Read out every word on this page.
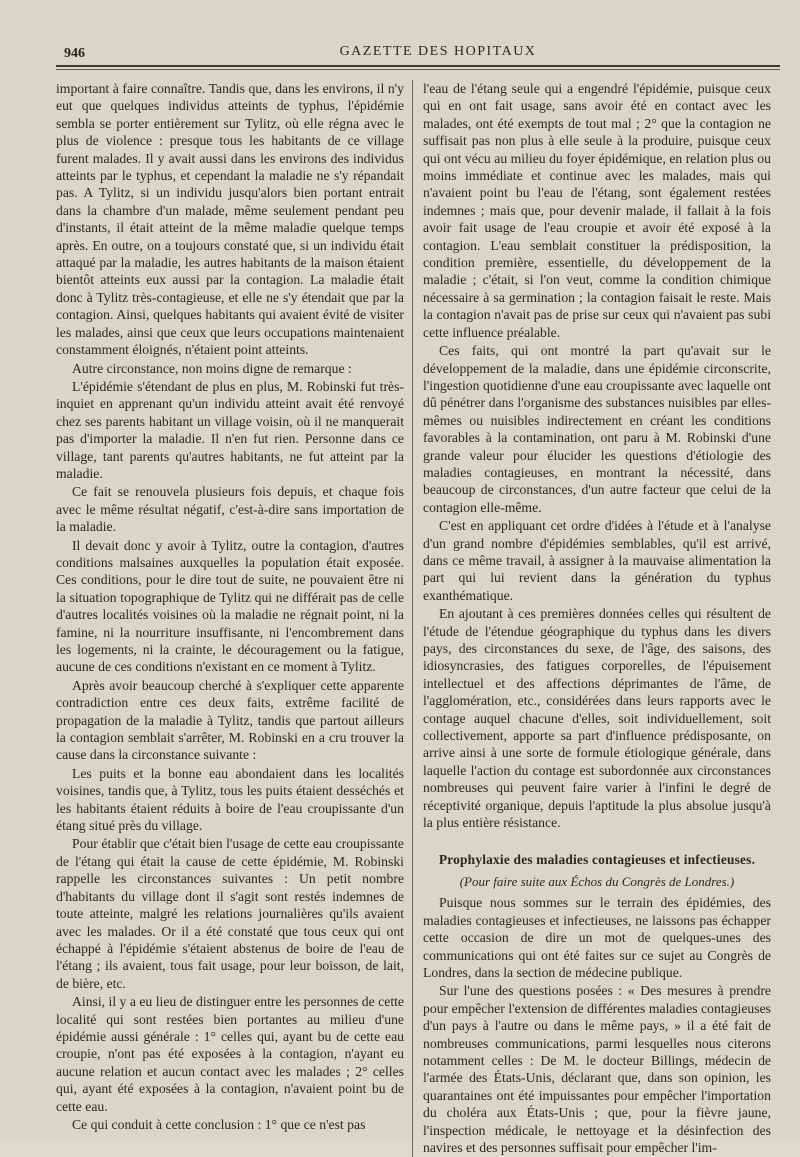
946	GAZETTE DES HOPITAUX

important à faire connaître. Tandis que, dans les environs, il n'y eut que quelques individus atteints de typhus, l'épidémie sembla se porter entièrement sur Tylitz, où elle régna avec le plus de violence : presque tous les habitants de ce village furent malades. Il y avait aussi dans les environs des individus atteints par le typhus, et cependant la maladie ne s'y répandait pas. A Tylitz, si un individu jusqu'alors bien portant entrait dans la chambre d'un malade, même seulement pendant peu d'instants, il était atteint de la même maladie quelque temps après. En outre, on a toujours constaté que, si un individu était attaqué par la maladie, les autres habitants de la maison étaient bientôt atteints eux aussi par la contagion. La maladie était donc à Tylitz très-contagieuse, et elle ne s'y étendait que par la contagion. Ainsi, quelques habitants qui avaient évité de visiter les malades, ainsi que ceux que leurs occupations maintenaient constamment éloignés, n'étaient point atteints.

Autre circonstance, non moins digne de remarque :

L'épidémie s'étendant de plus en plus, M. Robinski fut très-inquiet en apprenant qu'un individu atteint avait été renvoyé chez ses parents habitant un village voisin, où il ne manquerait pas d'importer la maladie. Il n'en fut rien. Personne dans ce village, tant parents qu'autres habitants, ne fut atteint par la maladie.

Ce fait se renouvela plusieurs fois depuis, et chaque fois avec le même résultat négatif, c'est-à-dire sans importation de la maladie.

Il devait donc y avoir à Tylitz, outre la contagion, d'autres conditions malsaines auxquelles la population était exposée. Ces conditions, pour le dire tout de suite, ne pouvaient être ni la situation topographique de Tylitz qui ne différait pas de celle d'autres localités voisines où la maladie ne régnait point, ni la famine, ni la nourriture insuffisante, ni l'encombrement dans les logements, ni la crainte, le découragement ou la fatigue, aucune de ces conditions n'existant en ce moment à Tylitz.

Après avoir beaucoup cherché à s'expliquer cette apparente contradiction entre ces deux faits, extrême facilité de propagation de la maladie à Tylitz, tandis que partout ailleurs la contagion semblait s'arrêter, M. Robinski en a cru trouver la cause dans la circonstance suivante :

Les puits et la bonne eau abondaient dans les localités voisines, tandis que, à Tylitz, tous les puits étaient desséchés et les habitants étaient réduits à boire de l'eau croupissante d'un étang situé près du village.

Pour établir que c'était bien l'usage de cette eau croupissante de l'étang qui était la cause de cette épidémie, M. Robinski rappelle les circonstances suivantes : Un petit nombre d'habitants du village dont il s'agit sont restés indemnes de toute atteinte, malgré les relations journalières qu'ils avaient avec les malades. Or il a été constaté que tous ceux qui ont échappé à l'épidémie s'étaient abstenus de boire de l'eau de l'étang ; ils avaient, tous fait usage, pour leur boisson, de lait, de bière, etc.

Ainsi, il y a eu lieu de distinguer entre les personnes de cette localité qui sont restées bien portantes au milieu d'une épidémie aussi générale : 1° celles qui, ayant bu de cette eau croupie, n'ont pas été exposées à la contagion, n'ayant eu aucune relation et aucun contact avec les malades ; 2° celles qui, ayant été exposées à la contagion, n'avaient point bu de cette eau.

Ce qui conduit à cette conclusion : 1° que ce n'est pas

l'eau de l'étang seule qui a engendré l'épidémie, puisque ceux qui en ont fait usage, sans avoir été en contact avec les malades, ont été exempts de tout mal ; 2° que la contagion ne suffisait pas non plus à elle seule à la produire, puisque ceux qui ont vécu au milieu du foyer épidémique, en relation plus ou moins immédiate et continue avec les malades, mais qui n'avaient point bu l'eau de l'étang, sont également restées indemnes ; mais que, pour devenir malade, il fallait à la fois avoir fait usage de l'eau croupie et avoir été exposé à la contagion. L'eau semblait constituer la prédisposition, la condition première, essentielle, du développement de la maladie ; c'était, si l'on veut, comme la condition chimique nécessaire à sa germination ; la contagion faisait le reste. Mais la contagion n'avait pas de prise sur ceux qui n'avaient pas subi cette influence préalable.

Ces faits, qui ont montré la part qu'avait sur le développement de la maladie, dans une épidémie circonscrite, l'ingestion quotidienne d'une eau croupissante avec laquelle ont dû pénétrer dans l'organisme des substances nuisibles par elles-mêmes ou nuisibles indirectement en créant les conditions favorables à la contamination, ont paru à M. Robinski d'une grande valeur pour élucider les questions d'étiologie des maladies contagieuses, en montrant la nécessité, dans beaucoup de circonstances, d'un autre facteur que celui de la contagion elle-même.

C'est en appliquant cet ordre d'idées à l'étude et à l'analyse d'un grand nombre d'épidémies semblables, qu'il est arrivé, dans ce même travail, à assigner à la mauvaise alimentation la part qui lui revient dans la génération du typhus exanthématique.

En ajoutant à ces premières données celles qui résultent de l'étude de l'étendue géographique du typhus dans les divers pays, des circonstances du sexe, de l'âge, des saisons, des idiosyncrasies, des fatigues corporelles, de l'épuisement intellectuel et des affections déprimantes de l'âme, de l'agglomération, etc., considérées dans leurs rapports avec le contage auquel chacune d'elles, soit individuellement, soit collectivement, apporte sa part d'influence prédisposante, on arrive ainsi à une sorte de formule étiologique générale, dans laquelle l'action du contage est subordonnée aux circonstances nombreuses qui peuvent faire varier à l'infini le degré de réceptivité organique, depuis l'aptitude la plus absolue jusqu'à la plus entière résistance.

Prophylaxie des maladies contagieuses et infectieuses.
(Pour faire suite aux Échos du Congrès de Londres.)

Puisque nous sommes sur le terrain des épidémies, des maladies contagieuses et infectieuses, ne laissons pas échapper cette occasion de dire un mot de quelques-unes des communications qui ont été faites sur ce sujet au Congrès de Londres, dans la section de médecine publique.

Sur l'une des questions posées : « Des mesures à prendre pour empêcher l'extension de différentes maladies contagieuses d'un pays à l'autre ou dans le même pays, » il a été fait de nombreuses communications, parmi lesquelles nous citerons notamment celles : De M. le docteur Billings, médecin de l'armée des États-Unis, déclarant que, dans son opinion, les quarantaines ont été impuissantes pour empêcher l'importation du choléra aux États-Unis ; que, pour la fièvre jaune, l'inspection médicale, le nettoyage et la désinfection des navires et des personnes suffisait pour empêcher l'im-
